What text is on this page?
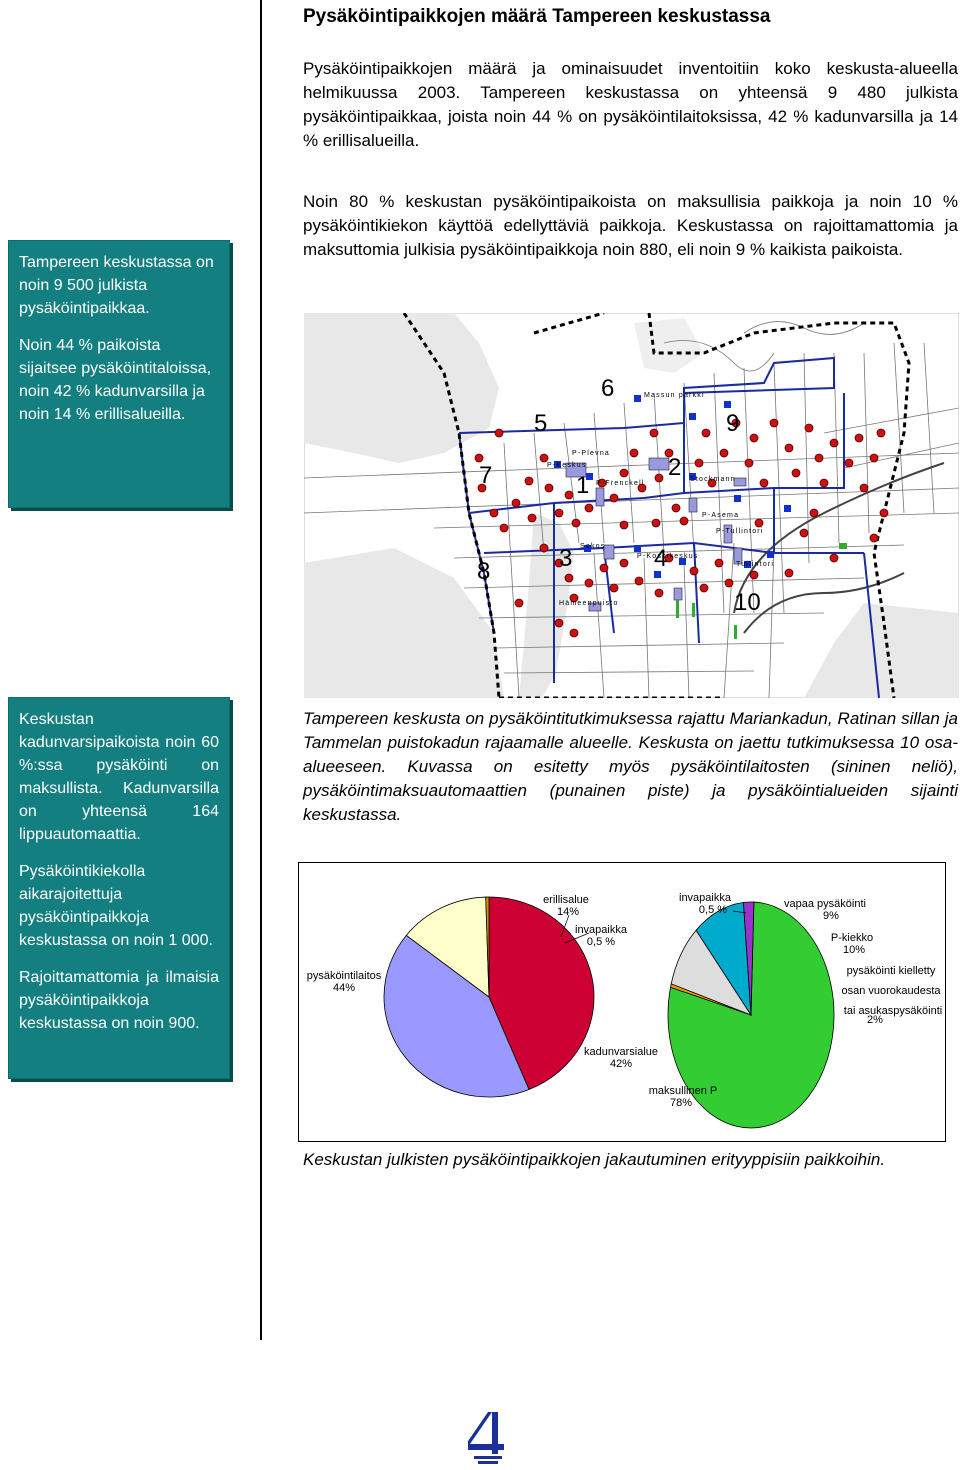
Pysäköintipaikkojen määrä Tampereen keskustassa
Pysäköintipaikkojen määrä ja ominaisuudet inventoitiin koko keskusta-alueella helmikuussa 2003. Tampereen keskustassa on yhteensä 9 480 julkista pysäköintipaikkaa, joista noin 44 % on pysäköintilaitoksissa, 42 % kadunvarsilla ja 14 % erillisalueilla.
Noin 80 % keskustan pysäköintipaikoista on maksullisia paikkoja ja noin 10 % pysäköintikiekon käyttöä edellyttäviä paikkoja. Keskustassa on rajoittamattomia ja maksuttomia julkisia pysäköintipaikkoja noin 880, eli noin 9 % kaikista paikoista.

Tampereen keskustassa on noin 9 500 julkista pysäköintipaikkaa.

Noin 44 % paikoista sijaitsee pysäköintitaloissa, noin 42 % kadunvarsilla ja noin 14 % erillisalueilla.

Keskustan kadunvarsipaikoista noin 60 %:ssa pysäköinti on maksullista. Kadunvarsilla on yhteensä 164 lippuautomaattia.

Pysäköintikiekolla aikarajoitettuja pysäköintipaikkoja keskustassa on noin 1 000.

Rajoittamattomia ja ilmaisia pysäköintipaikkoja keskustassa on noin 900.

1
2
3	4
5
6
7
8
9
10
P-Plevna
P-Keskus
P-Frenckell
Stockmann
Massun parkki
P-Asema
P-Tullintori
P-Koskikeskus
Tullintori
Sokos
Hämeenpuisto
Tampereen keskusta on pysäköintitutkimuksessa rajattu Mariankadun, Ratinan sillan ja Tammelan puistokadun rajaamalle alueelle. Keskusta on jaettu tutkimuksessa 10 osa-alueeseen. Kuvassa on esitetty myös pysäköintilaitosten (sininen neliö), pysäköintimaksuautomaattien (punainen piste) ja pysäköintialueiden sijainti keskustassa.
erillisalue
14%
invapaikka
0,5 %
pysäköintilaitos
44%
kadunvarsialue
42%
invapaikka
0,5 %	vapaa pysäköinti
9%
P-kiekko
10%
pysäköinti kielletty
osan vuorokaudesta
tai asukaspysäköinti
2%
maksullinen P
78%
Keskustan julkisten pysäköintipaikkojen jakautuminen erityyppisiin paikkoihin.
